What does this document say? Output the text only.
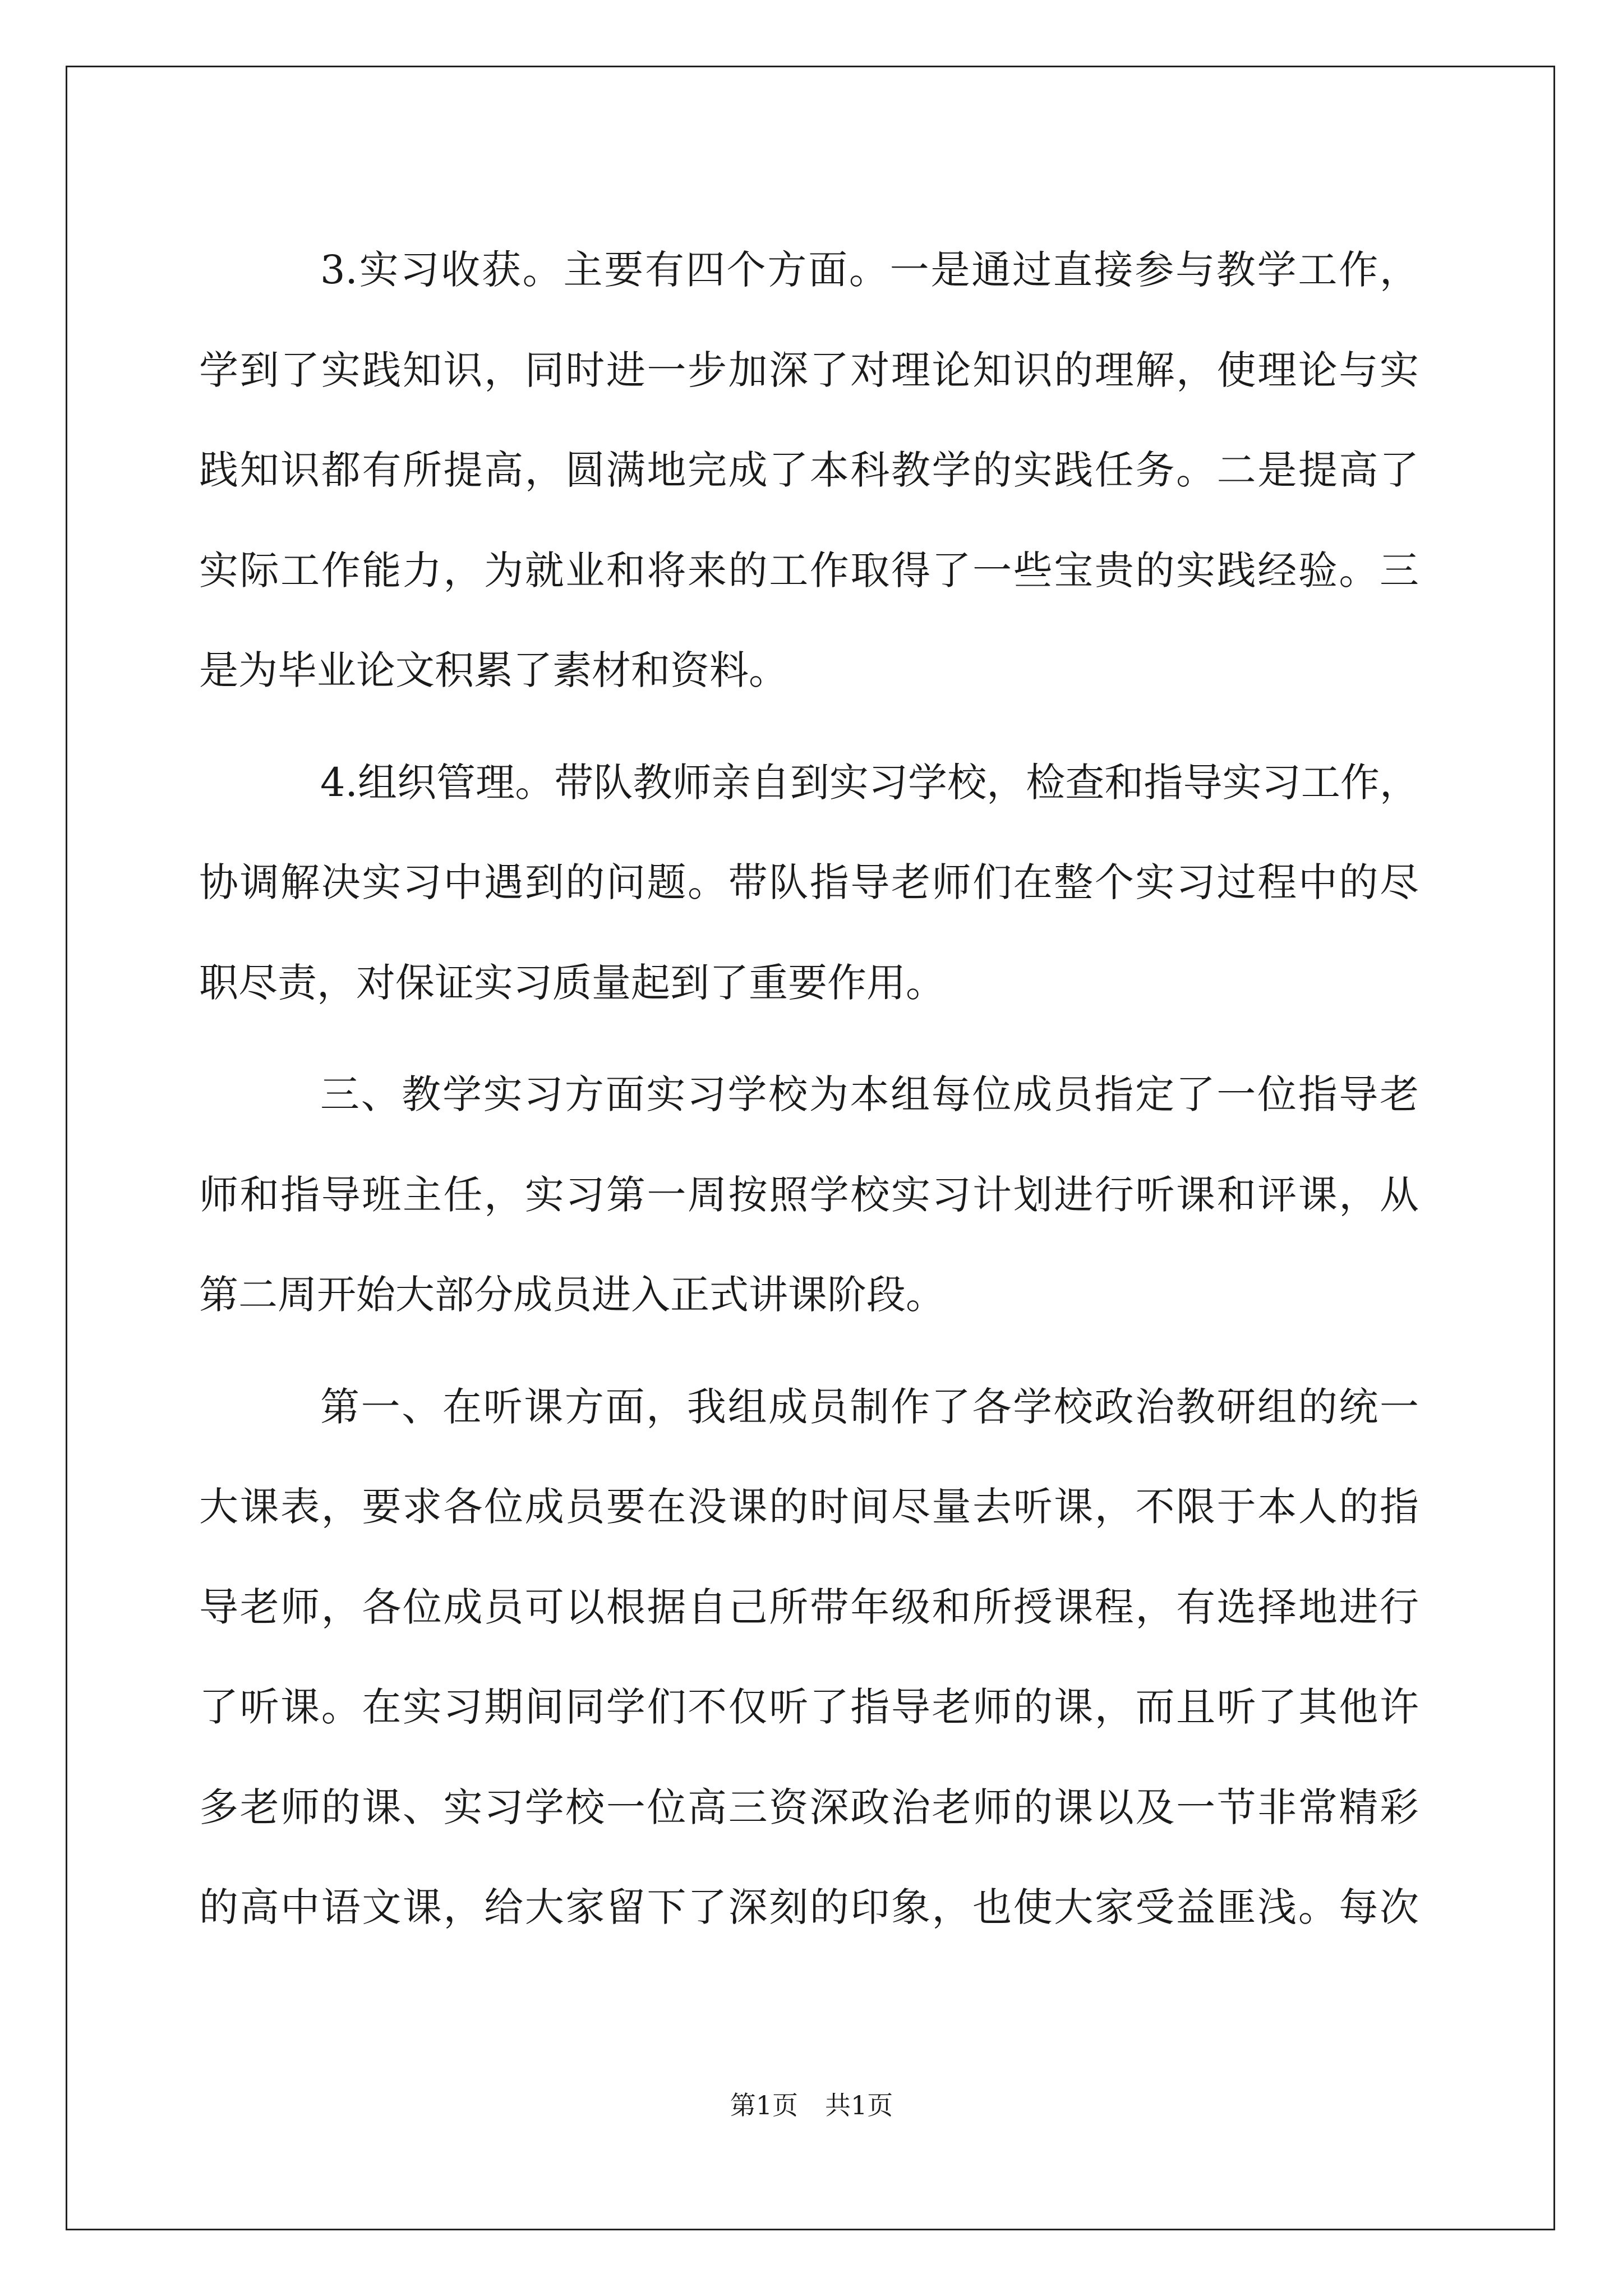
3.实习收获。主要有四个方面。一是通过直接参与教学工作，
学到了实践知识，同时进一步加深了对理论知识的理解，使理论与实
践知识都有所提高，圆满地完成了本科教学的实践任务。二是提高了
实际工作能力，为就业和将来的工作取得了一些宝贵的实践经验。三
是为毕业论文积累了素材和资料。
4.组织管理。带队教师亲自到实习学校，检查和指导实习工作，
协调解决实习中遇到的问题。带队指导老师们在整个实习过程中的尽
职尽责，对保证实习质量起到了重要作用。
三、教学实习方面实习学校为本组每位成员指定了一位指导老
师和指导班主任，实习第一周按照学校实习计划进行听课和评课，从
第二周开始大部分成员进入正式讲课阶段。
第一、在听课方面，我组成员制作了各学校政治教研组的统一
大课表，要求各位成员要在没课的时间尽量去听课，不限于本人的指
导老师，各位成员可以根据自己所带年级和所授课程，有选择地进行
了听课。在实习期间同学们不仅听了指导老师的课，而且听了其他许
多老师的课、实习学校一位高三资深政治老师的课以及一节非常精彩
的高中语文课，给大家留下了深刻的印象，也使大家受益匪浅。每次
第1页 共1页
